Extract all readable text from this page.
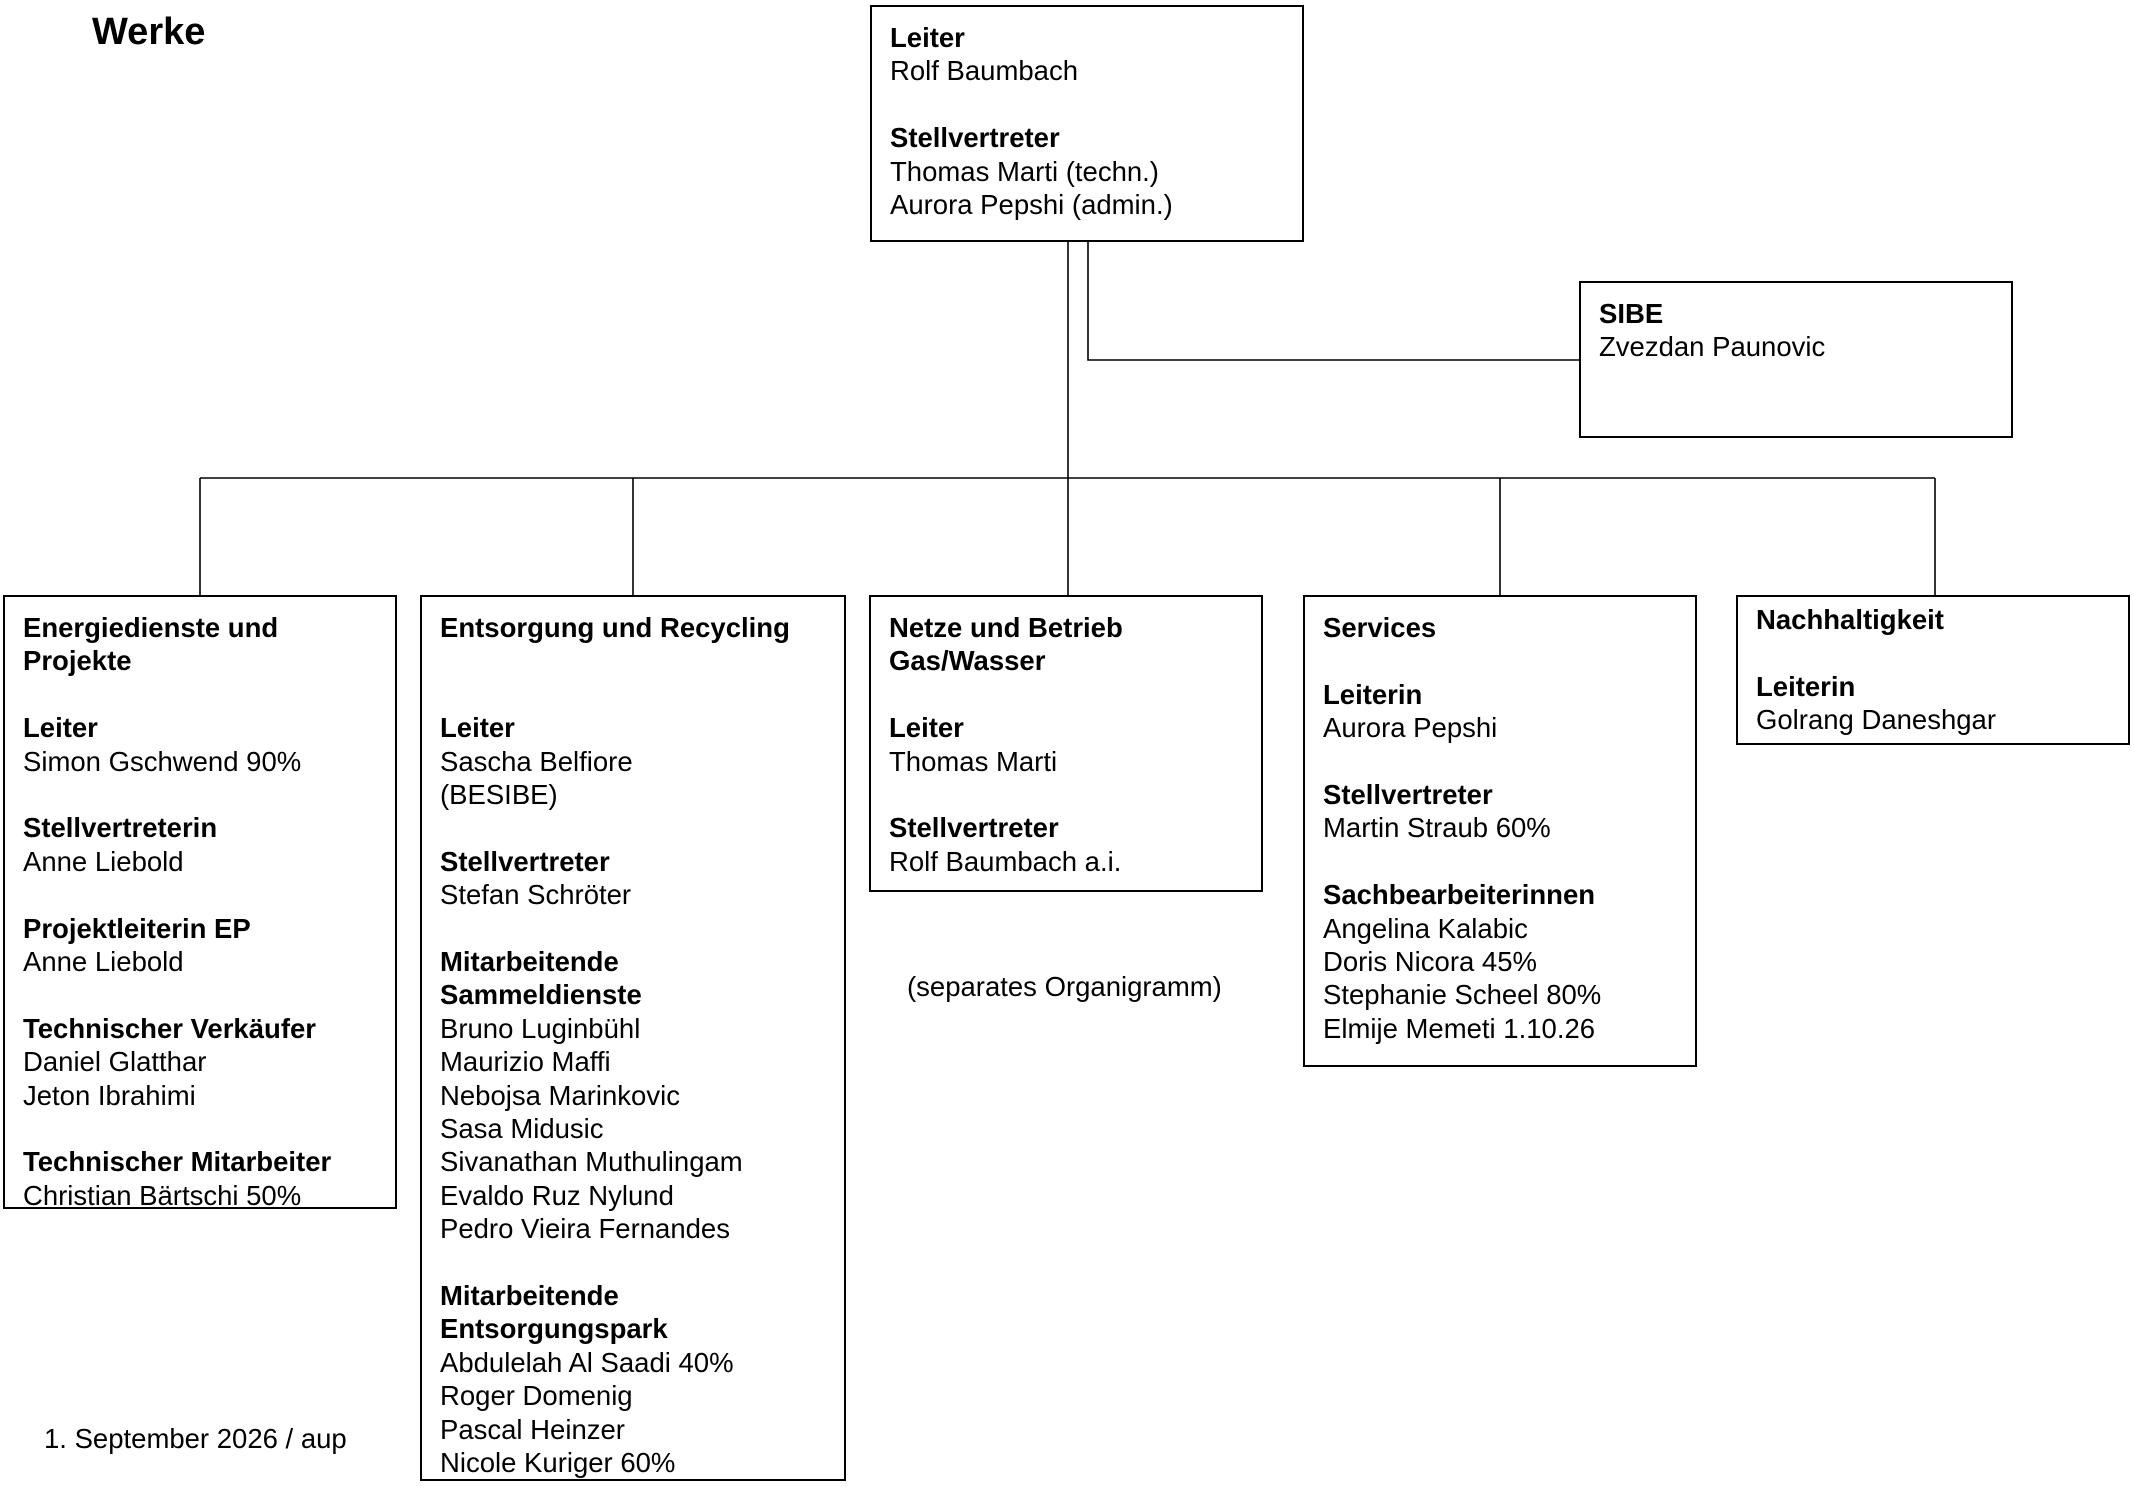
Werke	Leiter
Rolf Baumbach
Stellvertreter
Thomas Marti (techn.)
Aurora Pepshi (admin.)
SIBE
Zvezdan Paunovic
Energiedienste und
Projekte
Leiter
Simon Gschwend 90%
Stellvertreterin
Anne Liebold
Projektleiterin EP
Anne Liebold
Technischer Verkäufer
Daniel Glatthar
Jeton Ibrahimi
Technischer Mitarbeiter
Christian Bärtschi 50%
Entsorgung und Recycling

Leiter
Sascha Belfiore
(BESIBE)
Stellvertreter
Stefan Schröter
Mitarbeitende
Sammeldienste
Bruno Luginbühl
Maurizio Maffi
Nebojsa Marinkovic
Sasa Midusic
Sivanathan Muthulingam
Evaldo Ruz Nylund
Pedro Vieira Fernandes
Mitarbeitende
Entsorgungspark
Abdulelah Al Saadi 40%
Roger Domenig
Pascal Heinzer
Nicole Kuriger 60%
Netze und Betrieb
Gas/Wasser
Leiter
Thomas Marti
Stellvertreter
Rolf Baumbach a.i.
Services
Leiterin
Aurora Pepshi
Stellvertreter
Martin Straub 60%
Sachbearbeiterinnen
Angelina Kalabic
Doris Nicora 45%
Stephanie Scheel 80%
Elmije Memeti 1.10.26
Nachhaltigkeit
Leiterin
Golrang Daneshgar
(separates Organigramm)
1. September 2026 / aup
